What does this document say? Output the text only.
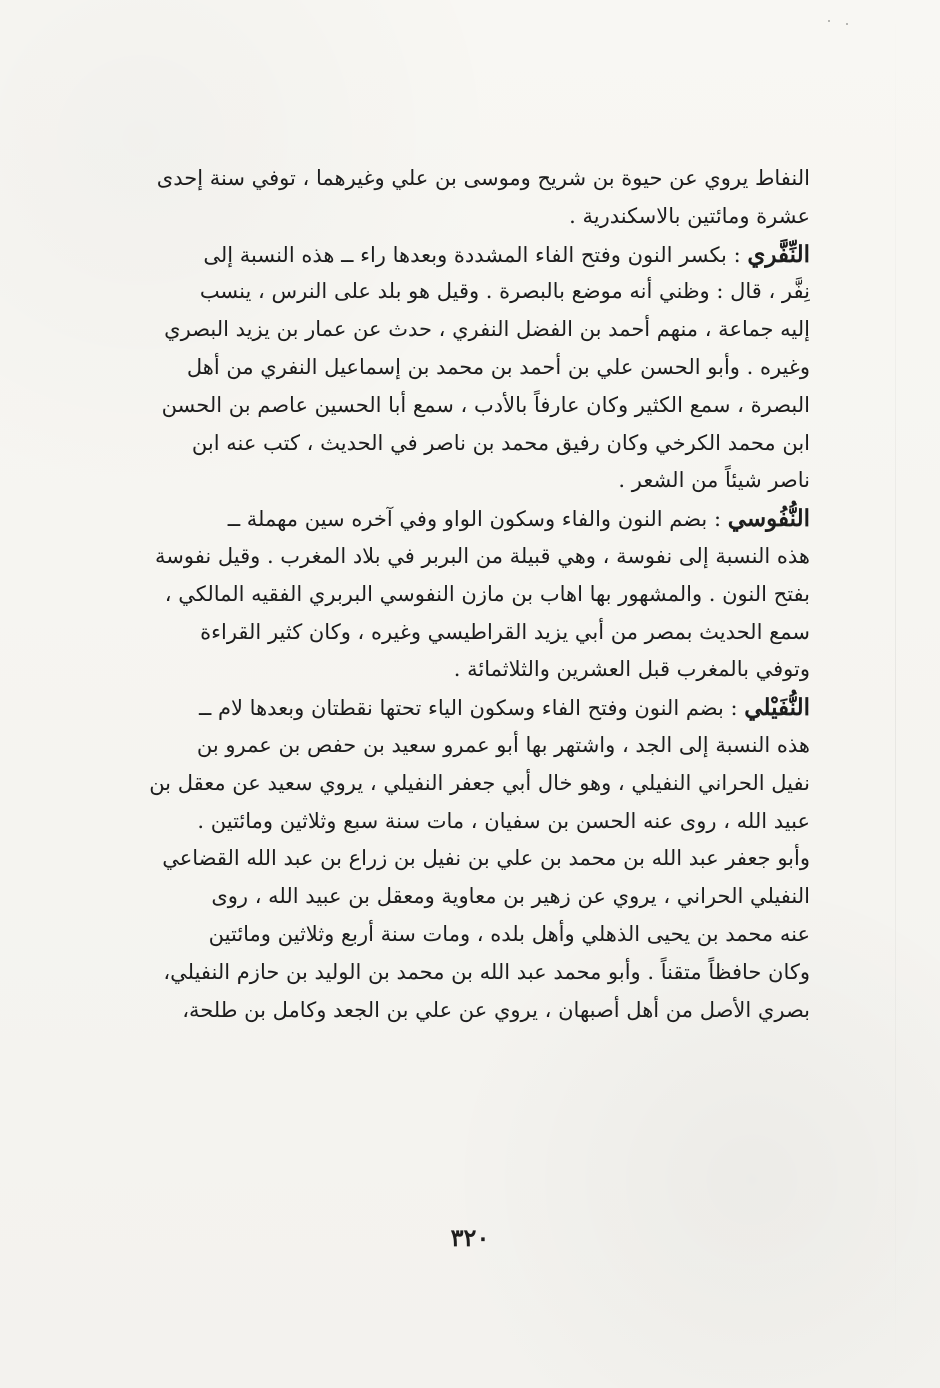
النفاط يروي عن حيوة بن شريح وموسى بن علي وغيرهما ، توفي سنة إحدى
عشرة ومائتين بالاسكندرية .
النِّفَّري : بكسر النون وفتح الفاء المشددة وبعدها راء ــ هذه النسبة إلى
نِفَّر ، قال : وظني أنه موضع بالبصرة . وقيل هو بلد على النرس ، ينسب
إليه جماعة ، منهم أحمد بن الفضل النفري ، حدث عن عمار بن يزيد البصري
وغيره . وأبو الحسن علي بن أحمد بن محمد بن إسماعيل النفري من أهل
البصرة ، سمع الكثير وكان عارفاً بالأدب ، سمع أبا الحسين عاصم بن الحسن
ابن محمد الكرخي وكان رفيق محمد بن ناصر في الحديث ، كتب عنه ابن
ناصر شيئاً من الشعر .
النُّفُوسي : بضم النون والفاء وسكون الواو وفي آخره سين مهملة ــ
هذه النسبة إلى نفوسة ، وهي قبيلة من البربر في بلاد المغرب . وقيل نفوسة
بفتح النون . والمشهور بها اهاب بن مازن النفوسي البربري الفقيه المالكي ،
سمع الحديث بمصر من أبي يزيد القراطيسي وغيره ، وكان كثير القراءة
وتوفي بالمغرب قبل العشرين والثلاثمائة .
النُّفَيْلي : بضم النون وفتح الفاء وسكون الياء تحتها نقطتان وبعدها لام ــ
هذه النسبة إلى الجد ، واشتهر بها أبو عمرو سعيد بن حفص بن عمرو بن
نفيل الحراني النفيلي ، وهو خال أبي جعفر النفيلي ، يروي سعيد عن معقل بن
عبيد الله ، روى عنه الحسن بن سفيان ، مات سنة سبع وثلاثين ومائتين .
وأبو جعفر عبد الله بن محمد بن علي بن نفيل بن زراع بن عبد الله القضاعي
النفيلي الحراني ، يروي عن زهير بن معاوية ومعقل بن عبيد الله ، روى
عنه محمد بن يحيى الذهلي وأهل بلده ، ومات سنة أربع وثلاثين ومائتين
وكان حافظاً متقناً . وأبو محمد عبد الله بن محمد بن الوليد بن حازم النفيلي،
بصري الأصل من أهل أصبهان ، يروي عن علي بن الجعد وكامل بن طلحة،
٣٢٠
